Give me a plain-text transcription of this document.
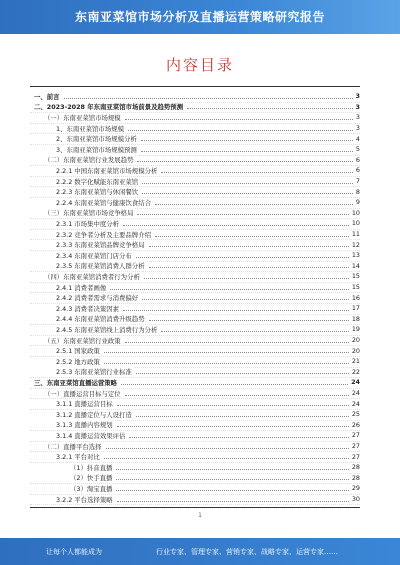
东南亚菜馆市场分析及直播运营策略研究报告
内容目录
一、前言	3
二、2023-2028 年东南亚菜馆市场前景及趋势预测	3
（一）东南亚菜馆市场规模	3
1、东南亚菜馆市场规模	3
2、东南亚菜馆市场规模分析	4
3、东南亚菜馆市场规模预测	5
（二）东南亚菜馆行业发展趋势	6
2.2.1 中国东南亚菜馆市场规模分析	6
2.2.2 数字化赋能东南亚菜馆	7
2.2.3 东南亚菜馆与休闲餐饮	8
2.2.4 东南亚菜馆与健康饮食结合	9
（三）东南亚菜馆市场竞争格局	10
2.3.1 市场集中度分析	10
2.3.2 竞争者分析及主要品牌介绍	11
2.3.3 东南亚菜馆品牌竞争格局	12
2.3.4 东南亚菜馆门店分布	13
2.3.5 东南亚菜馆消费人群分析	14
（四）东南亚菜馆消费者行为分析	15
2.4.1 消费者画像	15
2.4.2 消费者需求与消费偏好	16
2.4.3 消费者决策因素	17
2.4.4 东南亚菜馆消费升级趋势	18
2.4.5 东南亚菜馆线上消费行为分析	19
（五）东南亚菜馆行业政策	20
2.5.1 国家政策	20
2.5.2 地方政策	21
2.5.3 东南亚菜馆行业标准	22
三、东南亚菜馆直播运营策略	24
（一）直播运营目标与定位	24
3.1.1 直播运营目标	24
3.1.2 直播定位与人设打造	25
3.1.3 直播内容规划	26
3.1.4 直播运营效果评估	27
（二）直播平台选择	27
3.2.1 平台对比	27
（1）抖音直播	28
（2）快手直播	28
（3）淘宝直播	29
3.2.2 平台选择策略	30
1
让每个人都能成为	行业专家、管理专家、营销专家、战略专家、运营专家……
